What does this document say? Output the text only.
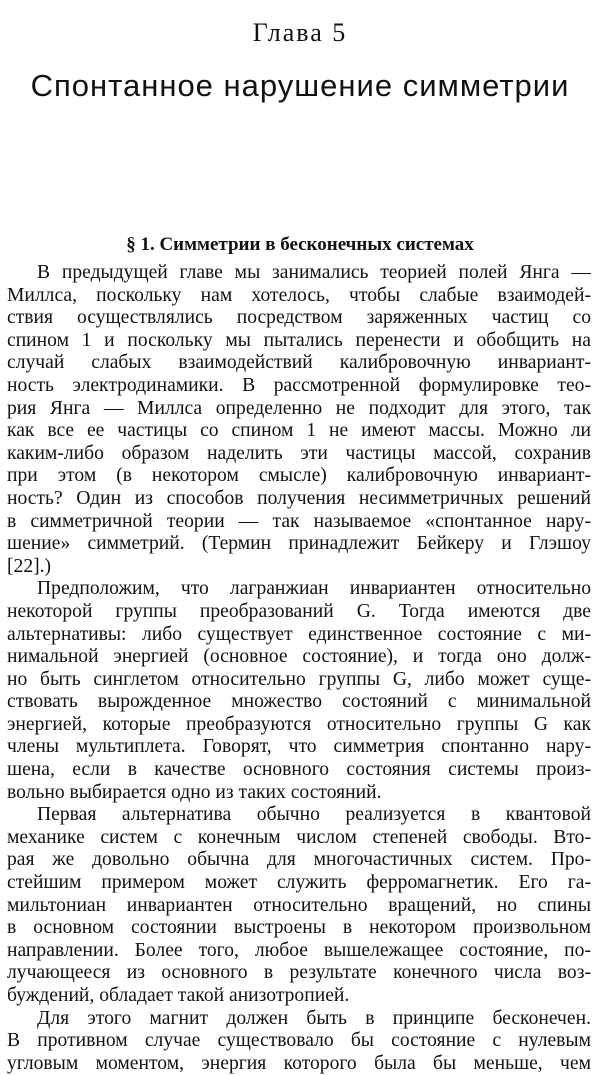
Глава 5
Спонтанное нарушение симметрии
§ 1. Симметрии в бесконечных системах
В предыдущей главе мы занимались теорией полей Янга —
Миллса, поскольку нам хотелось, чтобы слабые взаимодей-
ствия осуществлялись посредством заряженных частиц со
спином 1 и поскольку мы пытались перенести и обобщить на
случай слабых взаимодействий калибровочную инвариант-
ность электродинамики. В рассмотренной формулировке тео-
рия Янга — Миллса определенно не подходит для этого, так
как все ее частицы со спином 1 не имеют массы. Можно ли
каким-либо образом наделить эти частицы массой, сохранив
при этом (в некотором смысле) калибровочную инвариант-
ность? Один из способов получения несимметричных решений
в симметричной теории — так называемое «спонтанное нару-
шение» симметрий. (Термин принадлежит Бейкеру и Глэшоу
[22].)
Предположим, что лагранжиан инвариантен относительно
некоторой группы преобразований G. Тогда имеются две
альтернативы: либо существует единственное состояние с ми-
нимальной энергией (основное состояние), и тогда оно долж-
но быть синглетом относительно группы G, либо может суще-
ствовать вырожденное множество состояний с минимальной
энергией, которые преобразуются относительно группы G как
члены мультиплета. Говорят, что симметрия спонтанно нару-
шена, если в качестве основного состояния системы произ-
вольно выбирается одно из таких состояний.
Первая альтернатива обычно реализуется в квантовой
механике систем с конечным числом степеней свободы. Вто-
рая же довольно обычна для многочастичных систем. Про-
стейшим примером может служить ферромагнетик. Его га-
мильтониан инвариантен относительно вращений, но спины
в основном состоянии выстроены в некотором произвольном
направлении. Более того, любое вышележащее состояние, по-
лучающееся из основного в результате конечного числа воз-
буждений, обладает такой анизотропией.
Для этого магнит должен быть в принципе бесконечен.
В противном случае существовало бы состояние с нулевым
угловым моментом, энергия которого была бы меньше, чем
